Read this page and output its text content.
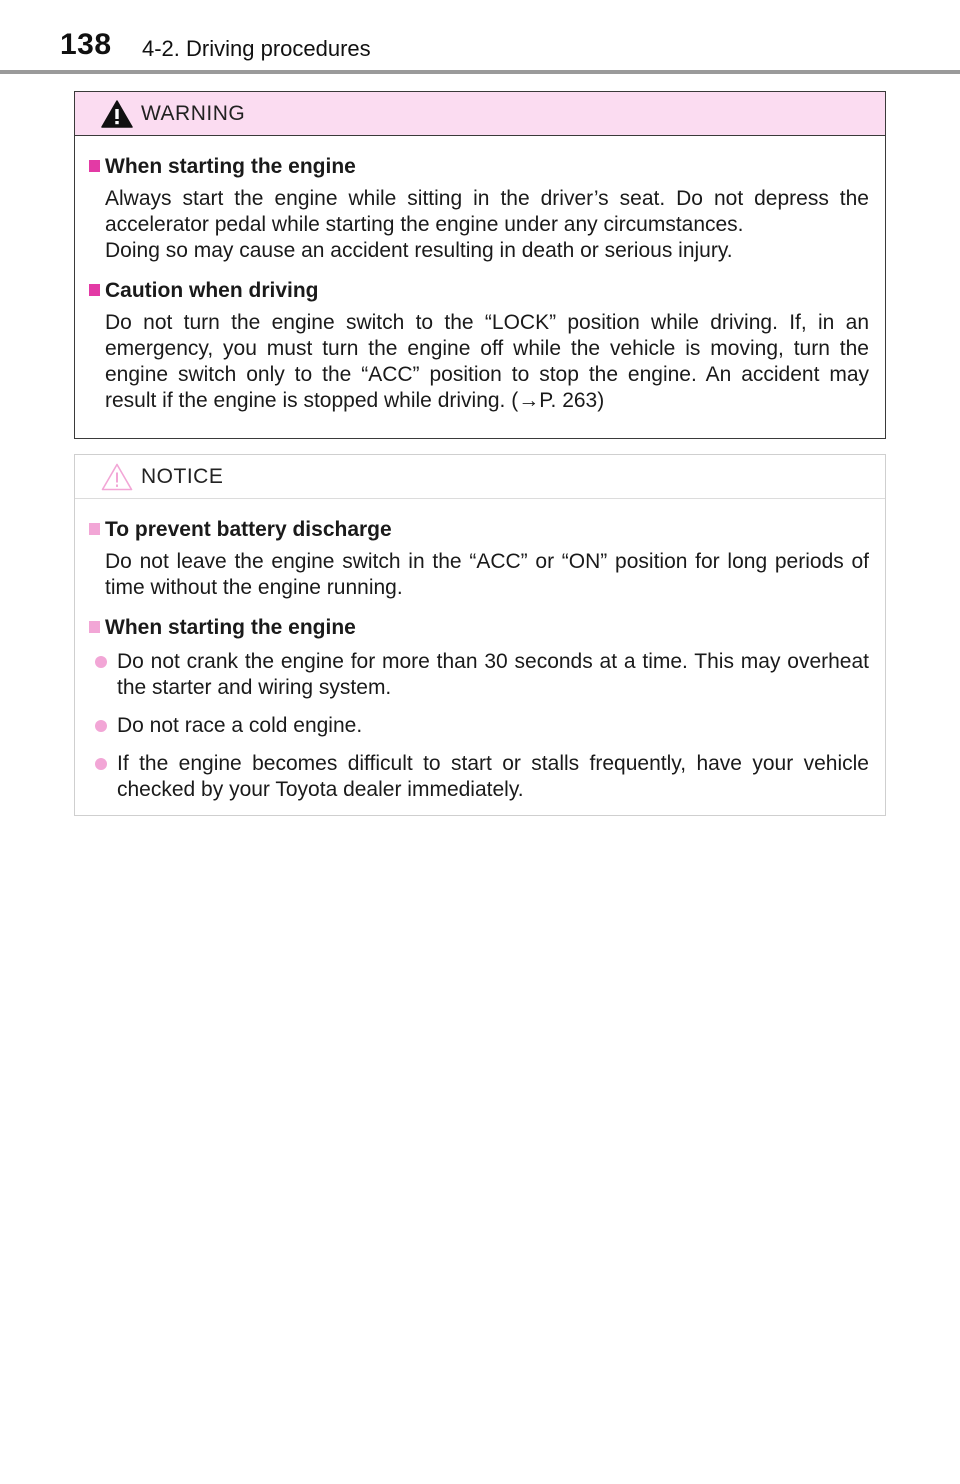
138 4-2. Driving procedures
WARNING
When starting the engine

Always start the engine while sitting in the driver’s seat. Do not depress the accelerator pedal while starting the engine under any circumstances.

Doing so may cause an accident resulting in death or serious injury.

Caution when driving

Do not turn the engine switch to the “LOCK” position while driving. If, in an emergency, you must turn the engine off while the vehicle is moving, turn the engine switch only to the “ACC” position to stop the engine. An accident may result if the engine is stopped while driving. (→P. 263)

NOTICE
To prevent battery discharge

Do not leave the engine switch in the “ACC” or “ON” position for long periods of time without the engine running.

When starting the engine
Do not crank the engine for more than 30 seconds at a time. This may overheat the starter and wiring system.
Do not race a cold engine.
If the engine becomes difficult to start or stalls frequently, have your vehicle checked by your Toyota dealer immediately.
